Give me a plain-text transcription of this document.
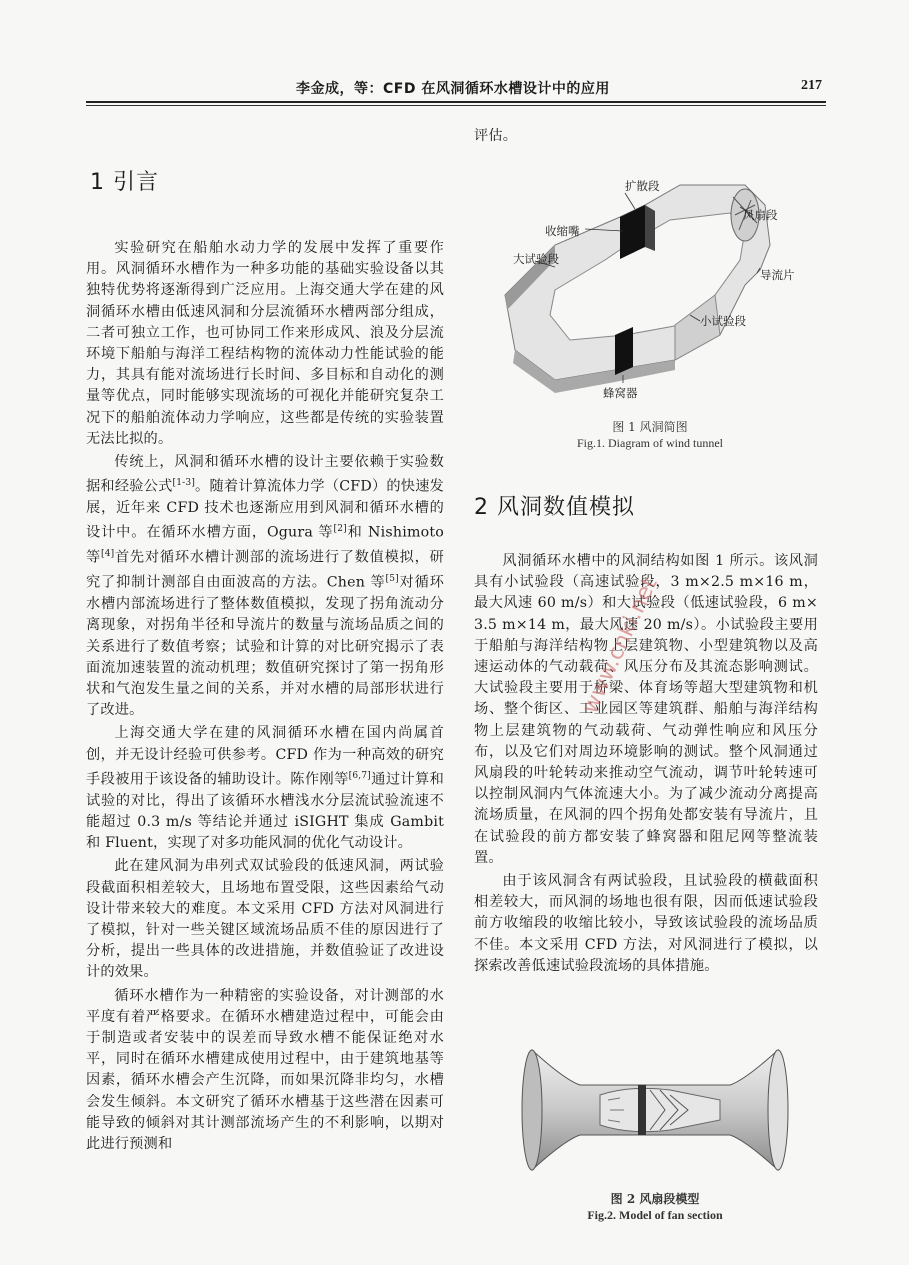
李金成，等：CFD 在风洞循环水槽设计中的应用	217
1 引言

实验研究在船舶水动力学的发展中发挥了重要作用。风洞循环水槽作为一种多功能的基础实验设备以其独特优势将逐渐得到广泛应用。上海交通大学在建的风洞循环水槽由低速风洞和分层流循环水槽两部分组成，二者可独立工作，也可协同工作来形成风、浪及分层流环境下船舶与海洋工程结构物的流体动力性能试验的能力，其具有能对流场进行长时间、多目标和自动化的测量等优点，同时能够实现流场的可视化并能研究复杂工况下的船舶流体动力学响应，这些都是传统的实验装置无法比拟的。

传统上，风洞和循环水槽的设计主要依赖于实验数据和经验公式[1-3]。随着计算流体力学（CFD）的快速发展，近年来 CFD 技术也逐渐应用到风洞和循环水槽的设计中。在循环水槽方面，Ogura 等[2]和 Nishimoto 等[4]首先对循环水槽计测部的流场进行了数值模拟，研究了抑制计测部自由面波高的方法。Chen 等[5]对循环水槽内部流场进行了整体数值模拟，发现了拐角流动分离现象，对拐角半径和导流片的数量与流场品质之间的关系进行了数值考察；试验和计算的对比研究揭示了表面流加速装置的流动机理；数值研究探讨了第一拐角形状和气泡发生量之间的关系，并对水槽的局部形状进行了改进。

上海交通大学在建的风洞循环水槽在国内尚属首创，并无设计经验可供参考。CFD 作为一种高效的研究手段被用于该设备的辅助设计。陈作刚等[6,7]通过计算和试验的对比，得出了该循环水槽浅水分层流试验流速不能超过 0.3 m/s 等结论并通过 iSIGHT 集成 Gambit 和 Fluent，实现了对多功能风洞的优化气动设计。

此在建风洞为串列式双试验段的低速风洞，两试验段截面积相差较大，且场地布置受限，这些因素给气动设计带来较大的难度。本文采用 CFD 方法对风洞进行了模拟，针对一些关键区域流场品质不佳的原因进行了分析，提出一些具体的改进措施，并数值验证了改进设计的效果。

循环水槽作为一种精密的实验设备，对计测部的水平度有着严格要求。在循环水槽建造过程中，可能会由于制造或者安装中的误差而导致水槽不能保证绝对水平，同时在循环水槽建成使用过程中，由于建筑地基等因素，循环水槽会产生沉降，而如果沉降非均匀，水槽会发生倾斜。本文研究了循环水槽基于这些潜在因素可能导致的倾斜对其计测部流场产生的不利影响，以期对此进行预测和

评估。

扩散段
收缩嘴
风扇段
大试验段
导流片
小试验段
蜂窝器
图 1 风洞简图
Fig.1. Diagram of wind tunnel
2 风洞数值模拟

风洞循环水槽中的风洞结构如图 1 所示。该风洞具有小试验段（高速试验段，3 m×2.5 m×16 m，最大风速 60 m/s）和大试验段（低速试验段，6 m×3.5 m×14 m，最大风速 20 m/s）。小试验段主要用于船舶与海洋结构物上层建筑物、小型建筑物以及高速运动体的气动载荷、风压分布及其流态影响测试。大试验段主要用于桥梁、体育场等超大型建筑物和机场、整个街区、工业园区等建筑群、船舶与海洋结构物上层建筑物的气动载荷、气动弹性响应和风压分布，以及它们对周边环境影响的测试。整个风洞通过风扇段的叶轮转动来推动空气流动，调节叶轮转速可以控制风洞内气体流速大小。为了减少流动分离提高流场质量，在风洞的四个拐角处都安装有导流片，且在试验段的前方都安装了蜂窝器和阻尼网等整流装置。

由于该风洞含有两试验段，且试验段的横截面积相差较大，而风洞的场地也很有限，因而低速试验段前方收缩段的收缩比较小，导致该试验段的流场品质不佳。本文采用 CFD 方法，对风洞进行了模拟，以探索改善低速试验段流场的具体措施。

www.cnki.net
图 2 风扇段模型
Fig.2. Model of fan section
